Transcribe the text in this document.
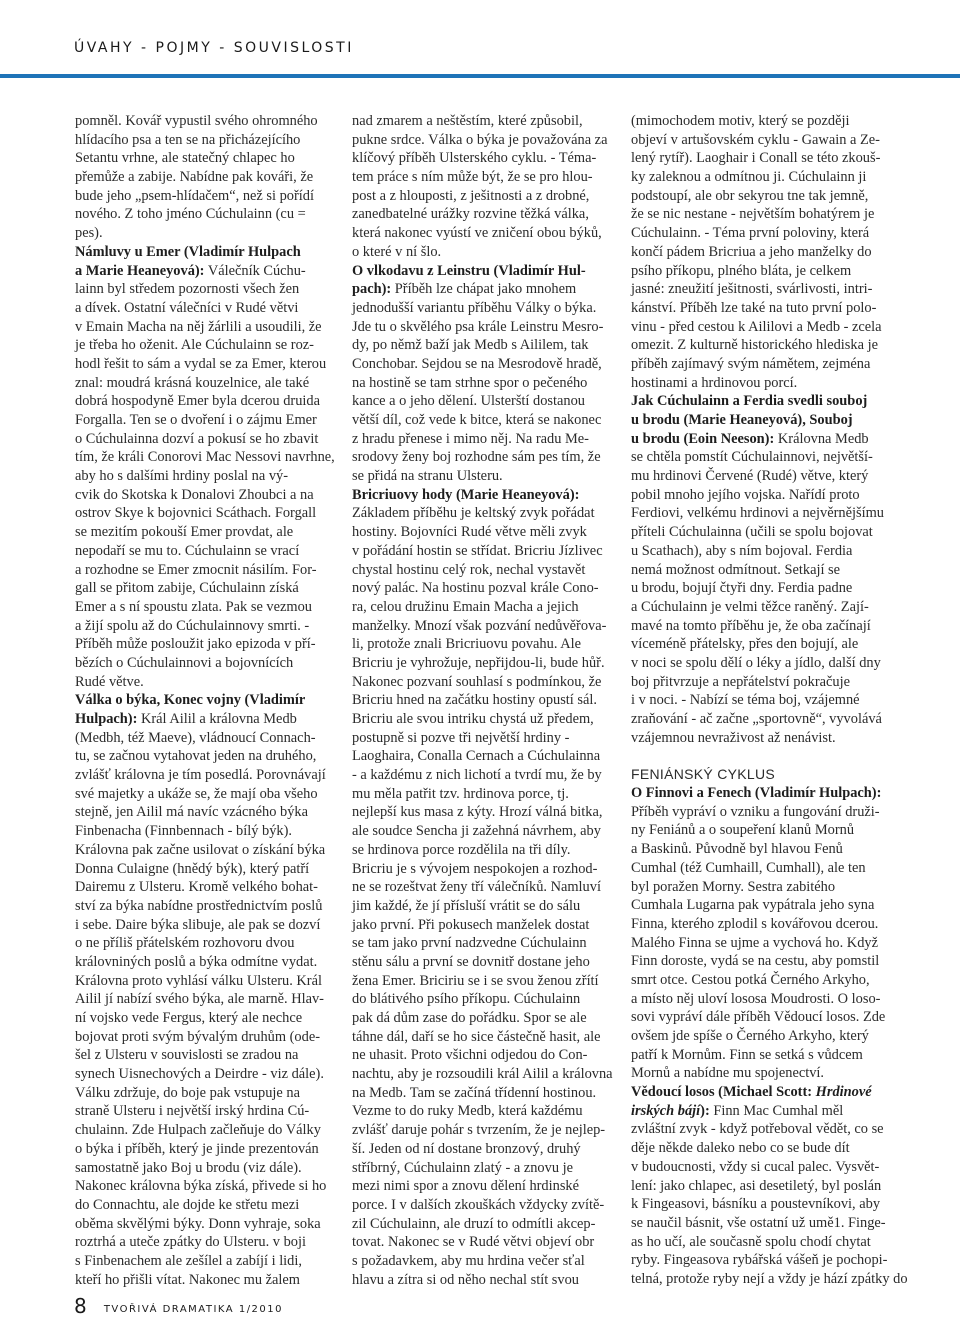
ÚVAHY - POJMY - SOUVISLOSTI
pomněl. Kovář vypustil svého ohromného
hlídacího psa a ten se na přicházejícího
Setantu vrhne, ale statečný chlapec ho
přemůže a zabije. Nabídne pak kováři, že
bude jeho „psem-hlídačem“, než si pořídí
nového. Z toho jméno Cúchulainn (cu =
pes).
Námluvy u Emer (Vladimír Hulpach
a Marie Heaneyová): Válečník Cúchu-
lainn byl středem pozornosti všech žen
a dívek. Ostatní válečníci v Rudé větvi
v Emain Macha na něj žárlili a usoudili, že
je třeba ho oženit. Ale Cúchulainn se roz-
hodl řešit to sám a vydal se za Emer, kterou
znal: moudrá krásná kouzelnice, ale také
dobrá hospodyně Emer byla dcerou druida
Forgalla. Ten se o dvoření i o zájmu Emer
o Cúchulainna dozví a pokusí se ho zbavit
tím, že králi Conorovi Mac Nessovi navrhne,
aby ho s dalšími hrdiny poslal na vý-
cvik do Skotska k Donalovi Zhoubci a na
ostrov Skye k bojovnici Scáthach. Forgall
se mezitím pokouší Emer provdat, ale
nepodaří se mu to. Cúchulainn se vrací
a rozhodne se Emer zmocnit násilím. For-
gall se přitom zabije, Cúchulainn získá
Emer a s ní spoustu zlata. Pak se vezmou
a žijí spolu až do Cúchulainnovy smrti. -
Příběh může posloužit jako epizoda v pří-
bězích o Cúchulainnovi a bojovnících
Rudé větve.
Válka o býka, Konec vojny (Vladimír
Hulpach): Král Ailil a královna Medb
(Medbh, též Maeve), vládnoucí Connach-
tu, se začnou vytahovat jeden na druhého,
zvlášť královna je tím posedlá. Porovnávají
své majetky a ukáže se, že mají oba všeho
stejně, jen Ailil má navíc vzácného býka
Finbenacha (Finnbennach - bílý býk).
Královna pak začne usilovat o získání býka
Donna Culaigne (hnědý býk), který patří
Dairemu z Ulsteru. Kromě velkého bohat-
ství za býka nabídne prostřednictvím poslů
i sebe. Daire býka slibuje, ale pak se dozví
o ne příliš přátelském rozhovoru dvou
královniných poslů a býka odmítne vydat.
Královna proto vyhlásí válku Ulsteru. Král
Ailil jí nabízí svého býka, ale marně. Hlav-
ní vojsko vede Fergus, který ale nechce
bojovat proti svým bývalým druhům (ode-
šel z Ulsteru v souvislosti se zradou na
synech Uisnechových a Deirdre - viz dále).
Válku zdržuje, do boje pak vstupuje na
straně Ulsteru i největší irský hrdina Cú-
chulainn. Zde Hulpach začleňuje do Války
o býka i příběh, který je jinde prezentován
samostatně jako Boj u brodu (viz dále).
Nakonec královna býka získá, přivede si ho
do Connachtu, ale dojde ke střetu mezi
oběma skvělými býky. Donn vyhraje, soka
roztrhá a uteče zpátky do Ulsteru. v boji
s Finbenachem ale zešílel a zabíjí i lidi,
kteří ho přišli vítat. Nakonec mu žalem
nad zmarem a neštěstím, které způsobil,
pukne srdce. Válka o býka je považována za
klíčový příběh Ulsterského cyklu. - Téma-
tem práce s ním může být, že se pro hlou-
post a z hlouposti, z ješitnosti a z drobné,
zanedbatelné urážky rozvine těžká válka,
která nakonec vyústí ve zničení obou býků,
o které v ní šlo.
O vlkodavu z Leinstru (Vladimír Hul-
pach): Příběh lze chápat jako mnohem
jednodušší variantu příběhu Války o býka.
Jde tu o skvělého psa krále Leinstru Mesro-
dy, po němž baží jak Medb s Aililem, tak
Conchobar. Sejdou se na Mesrodově hradě,
na hostině se tam strhne spor o pečeného
kance a o jeho dělení. Ulsterští dostanou
větší díl, což vede k bitce, která se nakonec
z hradu přenese i mimo něj. Na radu Me-
srodovy ženy boj rozhodne sám pes tím, že
se přidá na stranu Ulsteru.
Bricriuovy hody (Marie Heaneyová):
Základem příběhu je keltský zvyk pořádat
hostiny. Bojovníci Rudé větve měli zvyk
v pořádání hostin se střídat. Bricriu Jízlivec
chystal hostinu celý rok, nechal vystavět
nový palác. Na hostinu pozval krále Cono-
ra, celou družinu Emain Macha a jejich
manželky. Mnozí však pozvání nedůvěřova-
li, protože znali Bricriuovu povahu. Ale
Bricriu je vyhrožuje, nepřijdou-li, bude hůř.
Nakonec pozvaní souhlasí s podmínkou, že
Bricriu hned na začátku hostiny opustí sál.
Bricriu ale svou intriku chystá už předem,
postupně si pozve tři největší hrdiny -
Laoghaira, Conalla Cernach a Cúchulainna
- a každému z nich lichotí a tvrdí mu, že by
mu měla patřit tzv. hrdinova porce, tj.
nejlepší kus masa z kýty. Hrozí válná bitka,
ale soudce Sencha ji zažehná návrhem, aby
se hrdinova porce rozdělila na tři díly.
Bricriu je s vývojem nespokojen a rozhod-
ne se rozeštvat ženy tří válečníků. Namluví
jim každé, že jí přísluší vrátit se do sálu
jako první. Při pokusech manželek dostat
se tam jako první nadzvedne Cúchulainn
stěnu sálu a první se dovnitř dostane jeho
žena Emer. Briciriu se i se svou ženou zřítí
do blátivého psího příkopu. Cúchulainn
pak dá dům zase do pořádku. Spor se ale
táhne dál, daří se ho sice částečně hasit, ale
ne uhasit. Proto všichni odjedou do Con-
nachtu, aby je rozsoudili král Ailil a královna
na Medb. Tam se začíná třídenní hostinou.
Vezme to do ruky Medb, která každému
zvlášť daruje pohár s tvrzením, že je nejlep-
ší. Jeden od ní dostane bronzový, druhý
stříbrný, Cúchulainn zlatý - a znovu je
mezi nimi spor a znovu dělení hrdinské
porce. I v dalších zkouškách vždycky zvítě-
zil Cúchulainn, ale druzí to odmítli akcep-
tovat. Nakonec se v Rudé větvi objeví obr
s požadavkem, aby mu hrdina večer sťal
hlavu a zítra si od něho nechal stít svou
(mimochodem motiv, který se později
objeví v artušovském cyklu - Gawain a Ze-
lený rytíř). Laoghair i Conall se této zkouš-
ky zaleknou a odmítnou ji. Cúchulainn ji
podstoupí, ale obr sekyrou tne tak jemně,
že se nic nestane - největším bohatýrem je
Cúchulainn. - Téma první poloviny, která
končí pádem Bricriua a jeho manželky do
psího příkopu, plného bláta, je celkem
jasné: zneužití ješitnosti, svárlivosti, intri-
kánství. Příběh lze také na tuto první polo-
vinu - před cestou k Aililovi a Medb - zcela
omezit. Z kulturně historického hlediska je
příběh zajímavý svým námětem, zejména
hostinami a hrdinovou porcí.
Jak Cúchulainn a Ferdia svedli souboj
u brodu (Marie Heaneyová), Souboj
u brodu (Eoin Neeson): Královna Medb
se chtěla pomstít Cúchulainnovi, největší-
mu hrdinovi Červené (Rudé) větve, který
pobil mnoho jejího vojska. Nařídí proto
Ferdiovi, velkému hrdinovi a nejvěrnějšímu
příteli Cúchulainna (učili se spolu bojovat
u Scathach), aby s ním bojoval. Ferdia
nemá možnost odmítnout. Setkají se
u brodu, bojují čtyři dny. Ferdia padne
a Cúchulainn je velmi těžce raněný. Zají-
mavé na tomto příběhu je, že oba začínají
víceméně přátelsky, přes den bojují, ale
v noci se spolu dělí o léky a jídlo, další dny
boj přitvrzuje a nepřátelství pokračuje
i v noci. - Nabízí se téma boj, vzájemné
zraňování - ač začne „sportovně“, vyvolává
vzájemnou nevraživost až nenávist.
FENIÁNSKÝ CYKLUS
O Finnovi a Fenech (Vladimír Hulpach):
Příběh vypráví o vzniku a fungování druži-
ny Feniánů a o soupeření klanů Mornů
a Baskinů. Původně byl hlavou Fenů
Cumhal (též Cumhaill, Cumhall), ale ten
byl poražen Morny. Sestra zabitého
Cumhala Lugarna pak vypátrala jeho syna
Finna, kterého zplodil s kovářovou dcerou.
Malého Finna se ujme a vychová ho. Když
Finn doroste, vydá se na cestu, aby pomstil
smrt otce. Cestou potká Černého Arkyho,
a místo něj uloví lososa Moudrosti. O loso-
sovi vypráví dále příběh Vědoucí losos. Zde
ovšem jde spíše o Černého Arkyho, který
patří k Mornům. Finn se setká s vůdcem
Mornů a nabídne mu spojenectví.
Vědoucí losos (Michael Scott: Hrdinové
irských bájí): Finn Mac Cumhal měl
zvláštní zvyk - když potřeboval vědět, co se
děje někde daleko nebo co se bude dít
v budoucnosti, vždy si cucal palec. Vysvět-
lení: jako chlapec, asi desetiletý, byl poslán
k Fingeasovi, básníku a poustevníkovi, aby
se naučil básnit, vše ostatní už umě1. Finge-
as ho učí, ale současně spolu chodí chytat
ryby. Fingeasova rybářská vášeň je pochopi-
telná, protože ryby nejí a vždy je hází zpátky do
8 TVOŘIVÁ DRAMATIKA 1/2010
